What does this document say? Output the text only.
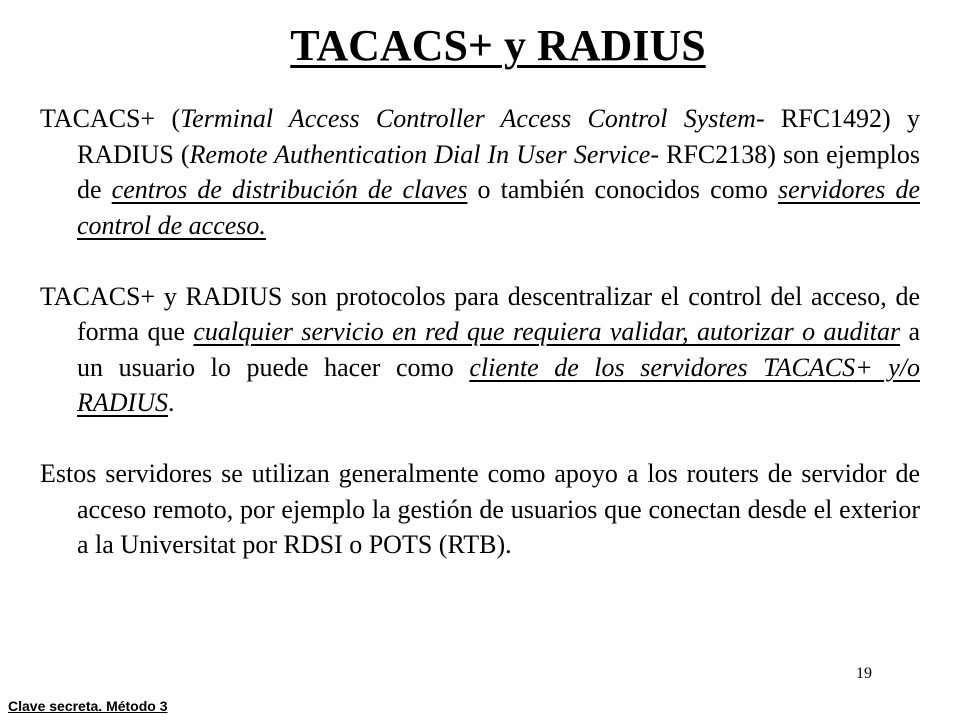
TACACS+ y RADIUS

TACACS+ (Terminal Access Controller Access Control System- RFC1492) y RADIUS (Remote Authentication Dial In User Service- RFC2138) son ejemplos de centros de distribución de claves o también conocidos como servidores de control de acceso.

TACACS+ y RADIUS son protocolos para descentralizar el control del acceso, de forma que cualquier servicio en red que requiera validar, autorizar o auditar a un usuario lo puede hacer como cliente de los servidores TACACS+ y/o RADIUS.

Estos servidores se utilizan generalmente como apoyo a los routers de servidor de acceso remoto, por ejemplo la gestión de usuarios que conectan desde el exterior a la Universitat por RDSI o POTS (RTB).

19
Clave secreta. Método 3
